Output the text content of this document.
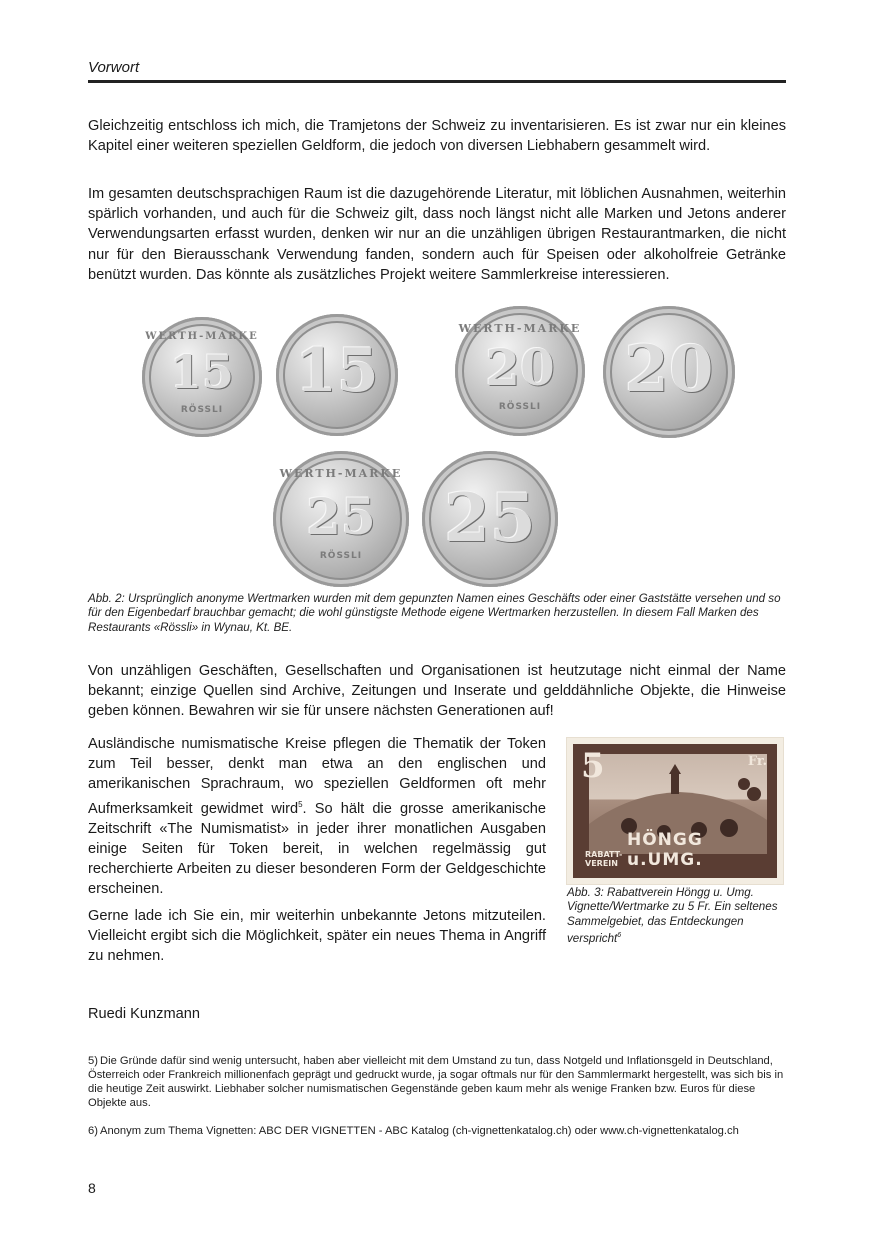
Vorwort

Gleichzeitig entschloss ich mich, die Tramjetons der Schweiz zu inventarisieren. Es ist zwar nur ein kleines Kapitel einer weiteren speziellen Geldform, die jedoch von diversen Liebhabern gesammelt wird.

Im gesamten deutschsprachigen Raum ist die dazugehörende Literatur, mit löblichen Ausnahmen, weiterhin spärlich vorhanden, und auch für die Schweiz gilt, dass noch längst nicht alle Marken und Jetons anderer Verwendungsarten erfasst wurden, denken wir nur an die unzähligen übrigen Restaurantmarken, die nicht nur für den Bierausschank Verwendung fanden, sondern auch für Speisen oder alkoholfreie Getränke benützt wurden. Das könnte als zusätzliches Projekt weitere Sammlerkreise interessieren.

WERTH-MARKE
15
RÖSSLI
15
WERTH-MARKE
20
RÖSSLI	20
WERTH-MARKE
25
RÖSSLI	25

Abb. 2: Ursprünglich anonyme Wertmarken wurden mit dem gepunzten Namen eines Geschäfts oder einer Gaststätte versehen und so für den Eigenbedarf brauchbar gemacht; die wohl günstigste Methode eigene Wertmarken herzustellen. In diesem Fall Marken des Restaurants «Rössli» in Wynau, Kt. BE.

Von unzähligen Geschäften, Gesellschaften und Organisationen ist heutzutage nicht einmal der Name bekannt; einzige Quellen sind Archive, Zeitungen und Inserate und gelddähnliche Objekte, die Hinweise geben können. Bewahren wir sie für unsere nächsten Generationen auf!

Ausländische numismatische Kreise pflegen die Thematik der Token zum Teil besser, denkt man etwa an den englischen und amerikanischen Sprachraum, wo speziellen Geldformen oft mehr Aufmerksamkeit gewidmet wird$^5$. So hält die grosse amerikanische Zeitschrift «The Numismatist» in jeder ihrer monatlichen Ausgaben einige Seiten für Token bereit, in welchen regelmässig gut recherchierte Arbeiten zu dieser besonderen Form der Geldgeschichte erscheinen.

Gerne lade ich Sie ein, mir weiterhin unbekannte Jetons mitzuteilen. Vielleicht ergibt sich die Möglichkeit, später ein neues Thema in Angriff zu nehmen.

5	Fr.
RABATT-VEREIN
HÖNGG u.UMG.

Abb. 3: Rabattverein Höngg u. Umg. Vignette/Wertmarke zu 5 Fr. Ein seltenes Sammelgebiet, das Entdeckungen verspricht$^6$

Ruedi Kunzmann

5) Die Gründe dafür sind wenig untersucht, haben aber vielleicht mit dem Umstand zu tun, dass Notgeld und Inflationsgeld in Deutschland, Österreich oder Frankreich millionenfach geprägt und gedruckt wurde, ja sogar oftmals nur für den Sammlermarkt hergestellt, was sich bis in die heutige Zeit auswirkt. Liebhaber solcher numismatischen Gegenstände geben kaum mehr als wenige Franken bzw. Euros für diese Objekte aus.

6) Anonym zum Thema Vignetten: ABC DER VIGNETTEN - ABC Katalog (ch-vignettenkatalog.ch) oder www.ch-vignettenkatalog.ch

8
